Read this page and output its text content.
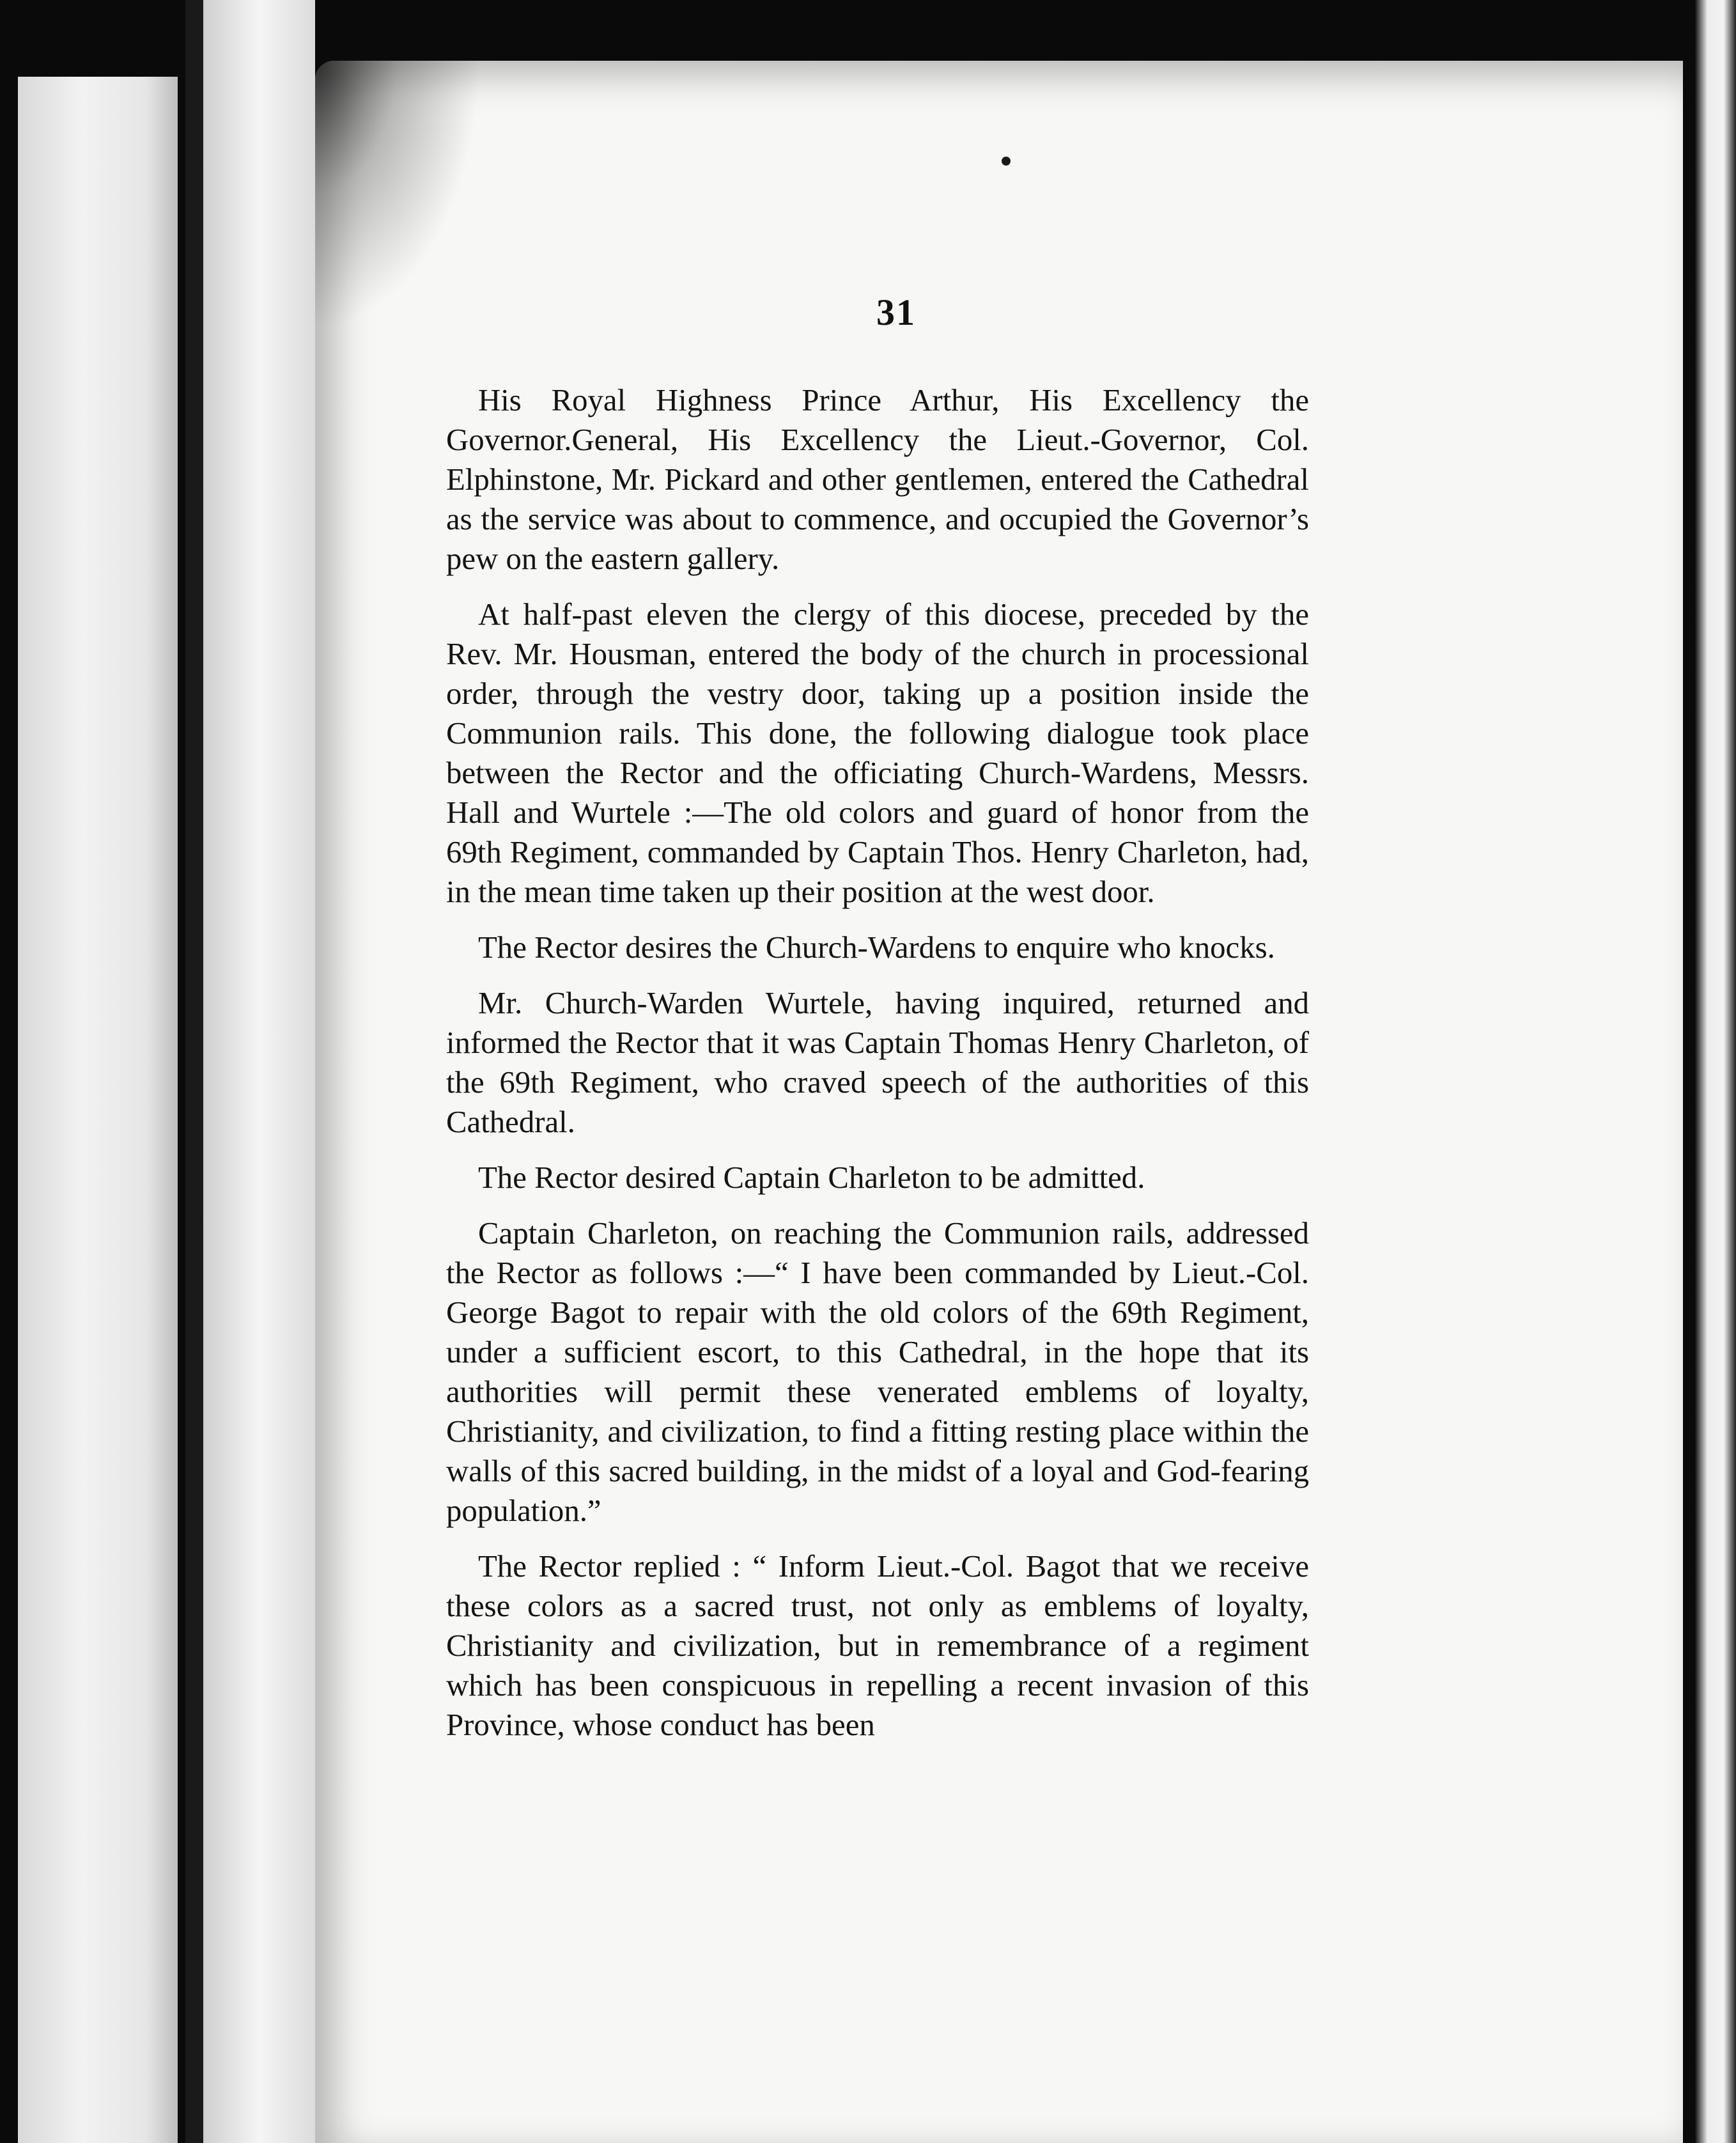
31

His Royal Highness Prince Arthur, His Excellency the Governor.General, His Excellency the Lieut.-Governor, Col. Elphinstone, Mr. Pickard and other gentlemen, entered the Cathedral as the service was about to commence, and occupied the Governor’s pew on the eastern gallery.

At half-past eleven the clergy of this diocese, preceded by the Rev. Mr. Housman, entered the body of the church in processional order, through the vestry door, taking up a position inside the Communion rails. This done, the following dialogue took place between the Rector and the officiating Church-Wardens, Messrs. Hall and Wurtele :—The old colors and guard of honor from the 69th Regiment, commanded by Captain Thos. Henry Charleton, had, in the mean time taken up their position at the west door.

The Rector desires the Church-Wardens to enquire who knocks.

Mr. Church-Warden Wurtele, having inquired, returned and informed the Rector that it was Captain Thomas Henry Charleton, of the 69th Regiment, who craved speech of the authorities of this Cathedral.

The Rector desired Captain Charleton to be admitted.

Captain Charleton, on reaching the Communion rails, addressed the Rector as follows :—“ I have been commanded by Lieut.-Col. George Bagot to repair with the old colors of the 69th Regiment, under a sufficient escort, to this Cathedral, in the hope that its authorities will permit these venerated emblems of loyalty, Christianity, and civilization, to find a fitting resting place within the walls of this sacred building, in the midst of a loyal and God-fearing population.”

The Rector replied : “ Inform Lieut.-Col. Bagot that we receive these colors as a sacred trust, not only as emblems of loyalty, Christianity and civilization, but in remembrance of a regiment which has been conspicuous in repelling a recent invasion of this Province, whose conduct has been
